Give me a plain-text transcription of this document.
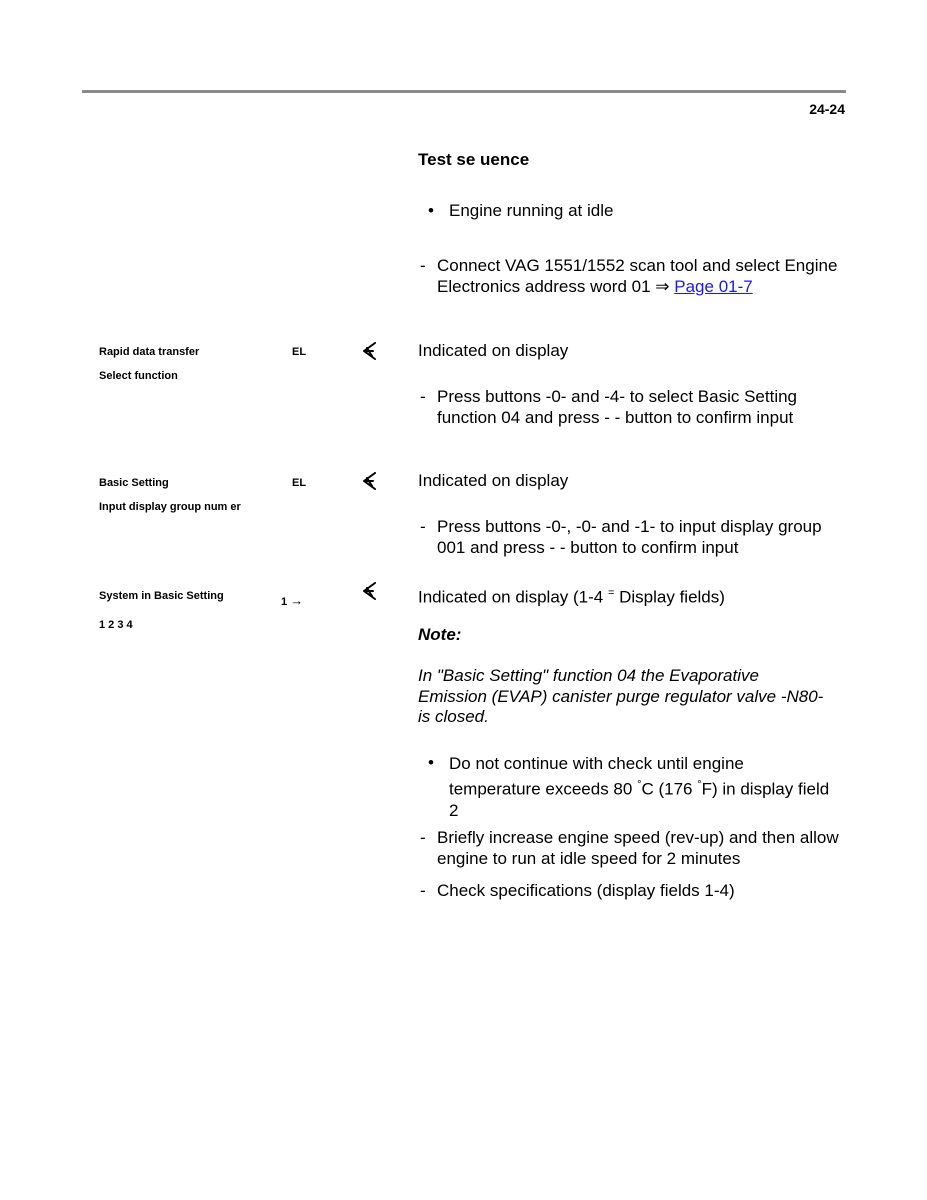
24-24
Test se uence
• Engine running at idle
- Connect VAG 1551/1552 scan tool and select Engine Electronics address word 01 ⇒ Page 01-7
Rapid data transfer	EL
Select function
Indicated on display
- Press buttons -0- and -4- to select Basic Setting function 04 and press - - button to confirm input
Basic Setting	EL
Input display group num er
Indicated on display
- Press buttons -0-, -0- and -1- to input display group 001 and press - - button to confirm input
System in Basic Setting	1 →
1 2 3 4
Indicated on display (1-4 = Display fields)
Note:
In "Basic Setting" function 04 the Evaporative Emission (EVAP) canister purge regulator valve -N80- is closed.
• Do not continue with check until engine temperature exceeds 80 °C (176 °F) in display field 2
- Briefly increase engine speed (rev-up) and then allow engine to run at idle speed for 2 minutes
- Check specifications (display fields 1-4)
